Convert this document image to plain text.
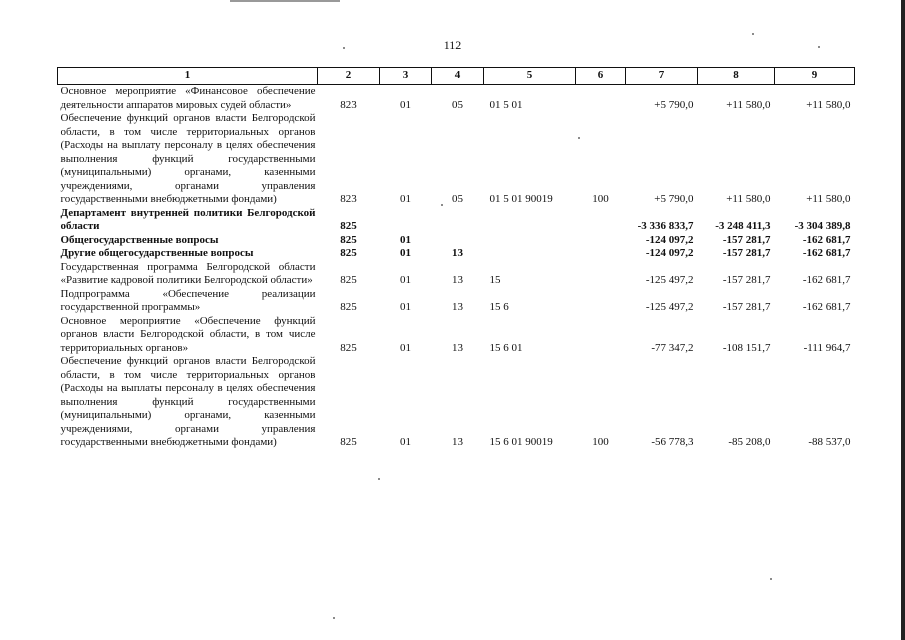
112
1	2	3	4	5	6	7	8	9
Основное мероприятие «Финансовое обеспечение деятельности аппаратов мировых судей области»	823	01	05	01 5 01		+5 790,0	+11 580,0	+11 580,0
Обеспечение функций органов власти Белгородской области, в том числе территориальных органов (Расходы на выплату персоналу в целях обеспечения выполнения функций государственными (муниципальными) органами, казенными учреждениями, органами управления государственными внебюджетными фондами)	823	01	05	01 5 01 90019	100	+5 790,0	+11 580,0	+11 580,0
Департамент внутренней политики Белгородской области	825					-3 336 833,7	-3 248 411,3	-3 304 389,8
Общегосударственные вопросы	825	01				-124 097,2	-157 281,7	-162 681,7
Другие общегосударственные вопросы	825	01	13			-124 097,2	-157 281,7	-162 681,7
Государственная программа Белгородской области «Развитие кадровой политики Белгородской области»	825	01	13	15		-125 497,2	-157 281,7	-162 681,7
Подпрограмма «Обеспечение реализации государственной программы»	825	01	13	15 6		-125 497,2	-157 281,7	-162 681,7
Основное мероприятие «Обеспечение функций органов власти Белгородской области, в том числе территориальных органов»	825	01	13	15 6 01		-77 347,2	-108 151,7	-111 964,7
Обеспечение функций органов власти Белгородской области, в том числе территориальных органов (Расходы на выплаты персоналу в целях обеспечения выполнения функций государственными (муниципальными) органами, казенными учреждениями, органами управления государственными внебюджетными фондами)	825	01	13	15 6 01 90019	100	-56 778,3	-85 208,0	-88 537,0
